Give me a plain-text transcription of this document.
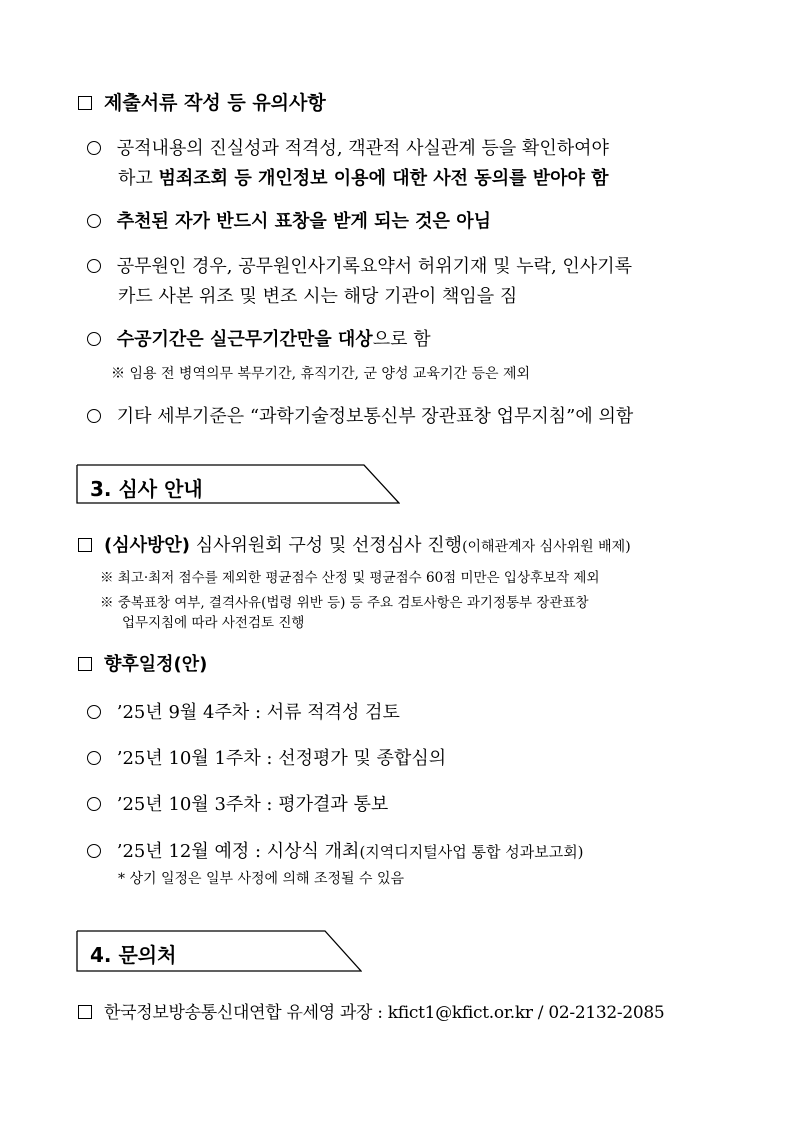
제출서류 작성 등 유의사항
공적내용의 진실성과 적격성, 객관적 사실관계 등을 확인하여야
하고 범죄조회 등 개인정보 이용에 대한 사전 동의를 받아야 함
추천된 자가 반드시 표창을 받게 되는 것은 아님
공무원인 경우, 공무원인사기록요약서 허위기재 및 누락, 인사기록
카드 사본 위조 및 변조 시는 해당 기관이 책임을 짐
수공기간은 실근무기간만을 대상으로 함
※ 임용 전 병역의무 복무기간, 휴직기간, 군 양성 교육기간 등은 제외
기타 세부기준은 “과학기술정보통신부 장관표창 업무지침”에 의함
3. 심사 안내
(심사방안) 심사위원회 구성 및 선정심사 진행(이해관계자 심사위원 배제)
※ 최고·최저 점수를 제외한 평균점수 산정 및 평균점수 60점 미만은 입상후보작 제외
※ 중복표창 여부, 결격사유(법령 위반 등) 등 주요 검토사항은 과기정통부 장관표창
업무지침에 따라 사전검토 진행
향후일정(안)
’25년 9월 4주차 : 서류 적격성 검토
’25년 10월 1주차 : 선정평가 및 종합심의
’25년 10월 3주차 : 평가결과 통보
’25년 12월 예정 : 시상식 개최(지역디지털사업 통합 성과보고회)
* 상기 일정은 일부 사정에 의해 조정될 수 있음
4. 문의처
한국정보방송통신대연합 유세영 과장 : kfict1@kfict.or.kr / 02-2132-2085
